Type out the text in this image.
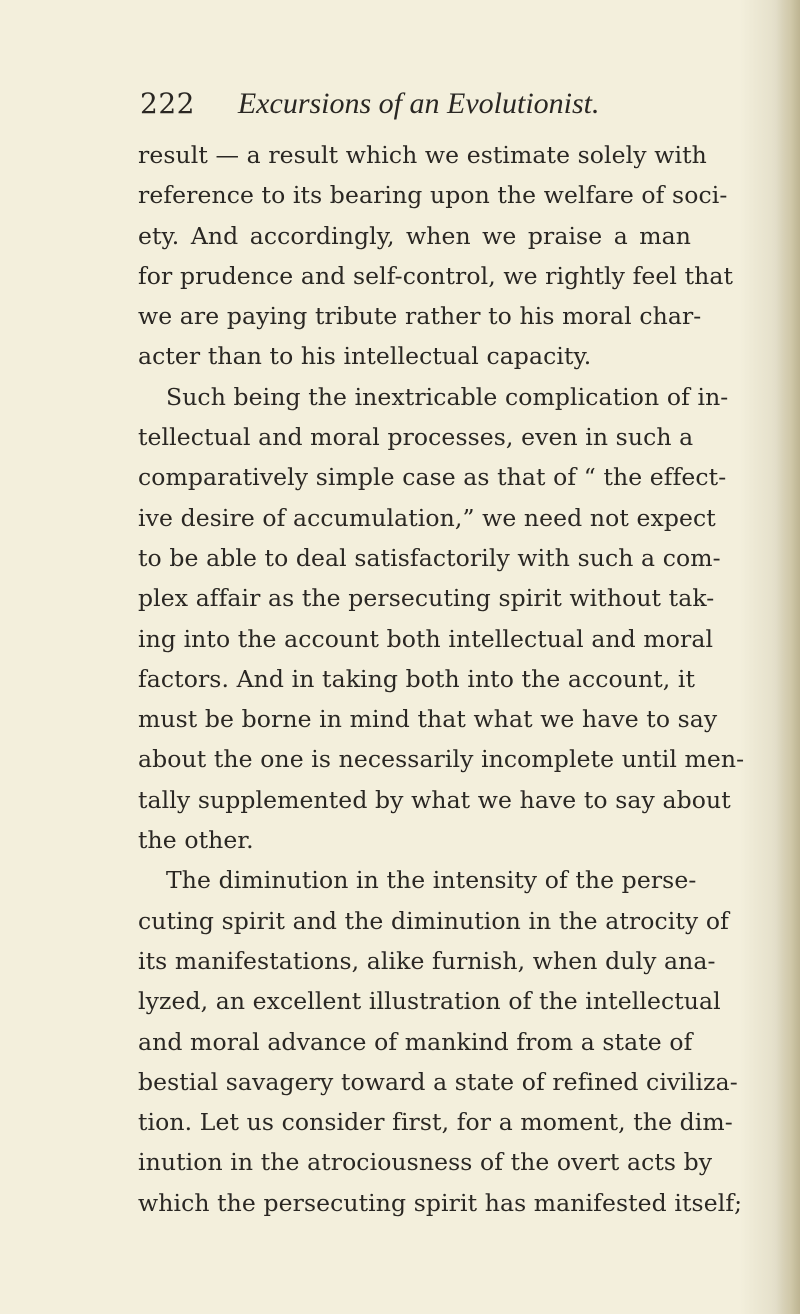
222 Excursions of an Evolutionist.
result — a result which we estimate solely with
reference to its bearing upon the welfare of soci-
ety. And accordingly, when we praise a man
for prudence and self-control, we rightly feel that
we are paying tribute rather to his moral char-
acter than to his intellectual capacity.
Such being the inextricable complication of in-
tellectual and moral processes, even in such a
comparatively simple case as that of “ the effect-
ive desire of accumulation,” we need not expect
to be able to deal satisfactorily with such a com-
plex affair as the persecuting spirit without tak-
ing into the account both intellectual and moral
factors. And in taking both into the account, it
must be borne in mind that what we have to say
about the one is necessarily incomplete until men-
tally supplemented by what we have to say about
the other.
The diminution in the intensity of the perse-
cuting spirit and the diminution in the atrocity of
its manifestations, alike furnish, when duly ana-
lyzed, an excellent illustration of the intellectual
and moral advance of mankind from a state of
bestial savagery toward a state of refined civiliza-
tion. Let us consider first, for a moment, the dim-
inution in the atrociousness of the overt acts by
which the persecuting spirit has manifested itself;
